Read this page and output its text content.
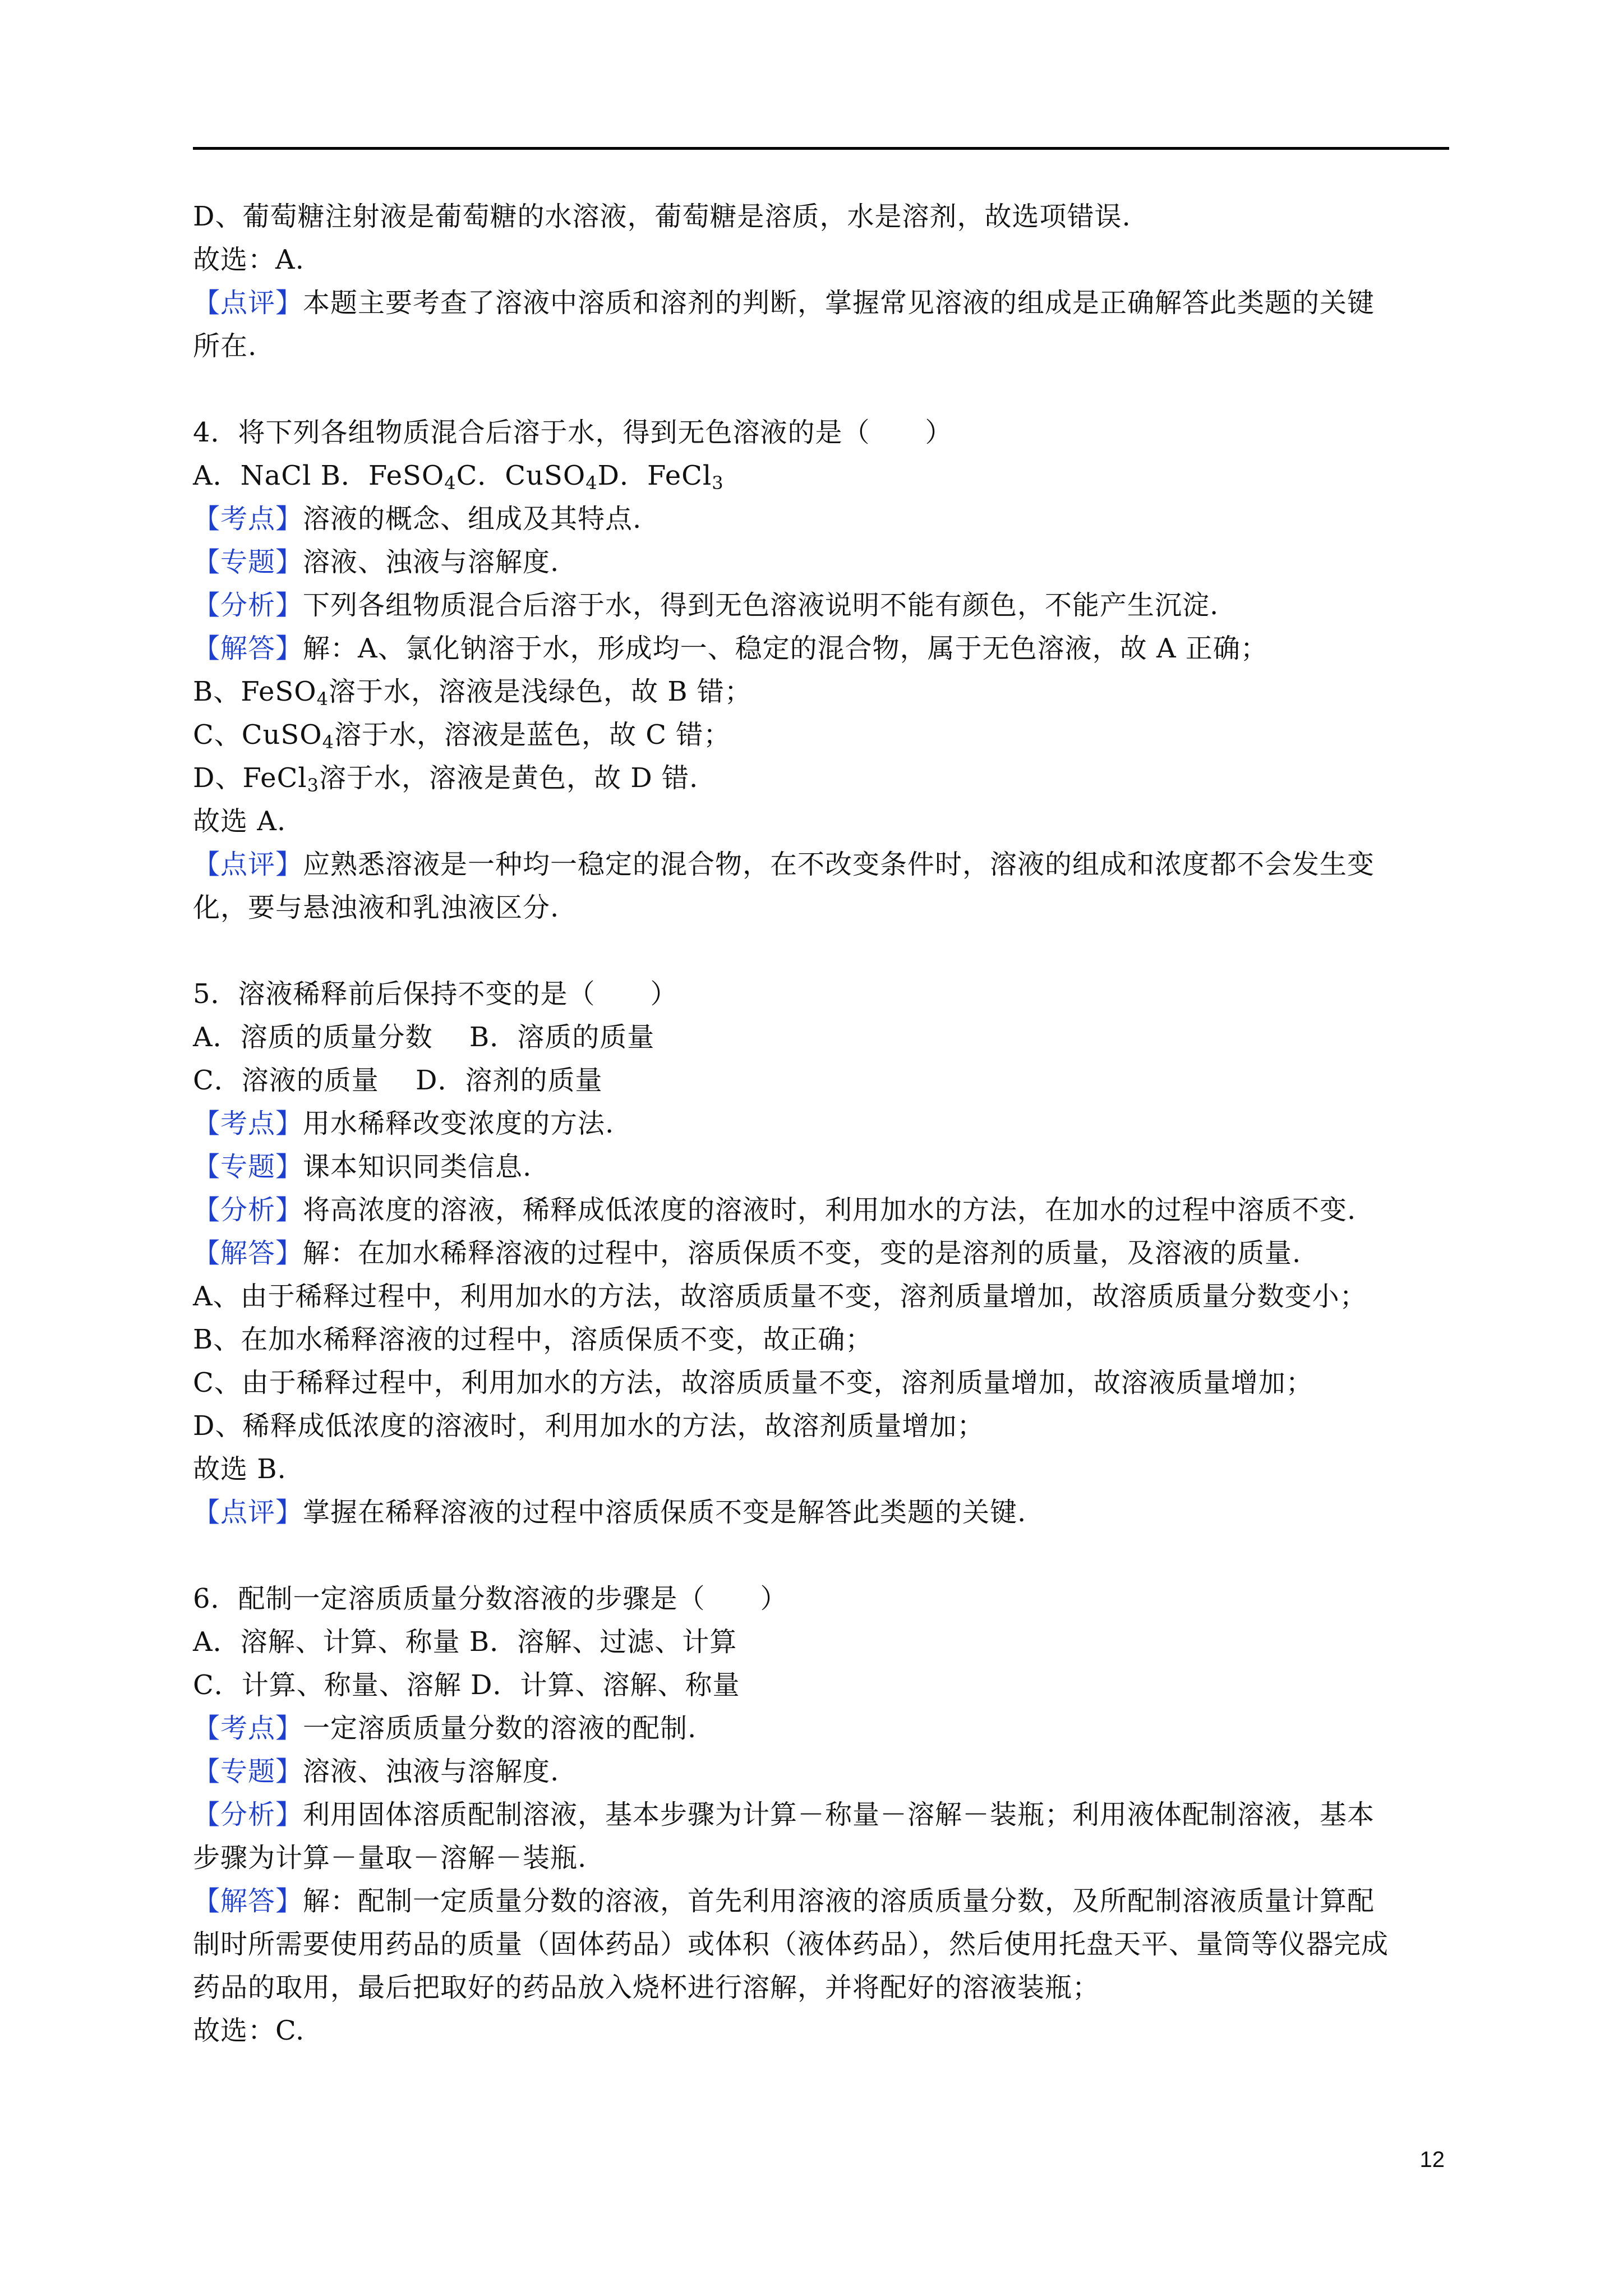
D、葡萄糖注射液是葡萄糖的水溶液，葡萄糖是溶质，水是溶剂，故选项错误.
故选：A.
【点评】本题主要考查了溶液中溶质和溶剂的判断，掌握常见溶液的组成是正确解答此类题的关键
所在.
4．将下列各组物质混合后溶于水，得到无色溶液的是（　　）
A．NaCl B．FeSO$_4$C．CuSO$_4$D．FeCl$_3$
【考点】溶液的概念、组成及其特点.
【专题】溶液、浊液与溶解度.
【分析】下列各组物质混合后溶于水，得到无色溶液说明不能有颜色，不能产生沉淀.
【解答】解：A、氯化钠溶于水，形成均一、稳定的混合物，属于无色溶液，故 A 正确；
B、FeSO$_4$溶于水，溶液是浅绿色，故 B 错；
C、CuSO$_4$溶于水，溶液是蓝色，故 C 错；
D、FeCl$_3$溶于水，溶液是黄色，故 D 错.
故选 A.
【点评】应熟悉溶液是一种均一稳定的混合物，在不改变条件时，溶液的组成和浓度都不会发生变
化，要与悬浊液和乳浊液区分.
5．溶液稀释前后保持不变的是（　　）
A．溶质的质量分数　 B．溶质的质量
C．溶液的质量　 D．溶剂的质量
【考点】用水稀释改变浓度的方法.
【专题】课本知识同类信息.
【分析】将高浓度的溶液，稀释成低浓度的溶液时，利用加水的方法，在加水的过程中溶质不变.
【解答】解：在加水稀释溶液的过程中，溶质保质不变，变的是溶剂的质量，及溶液的质量.
A、由于稀释过程中，利用加水的方法，故溶质质量不变，溶剂质量增加，故溶质质量分数变小；
B、在加水稀释溶液的过程中，溶质保质不变，故正确；
C、由于稀释过程中，利用加水的方法，故溶质质量不变，溶剂质量增加，故溶液质量增加；
D、稀释成低浓度的溶液时，利用加水的方法，故溶剂质量增加；
故选 B.
【点评】掌握在稀释溶液的过程中溶质保质不变是解答此类题的关键.
6．配制一定溶质质量分数溶液的步骤是（　　）
A．溶解、计算、称量 B．溶解、过滤、计算
C．计算、称量、溶解 D．计算、溶解、称量
【考点】一定溶质质量分数的溶液的配制.
【专题】溶液、浊液与溶解度.
【分析】利用固体溶质配制溶液，基本步骤为计算－称量－溶解－装瓶；利用液体配制溶液，基本
步骤为计算－量取－溶解－装瓶.
【解答】解：配制一定质量分数的溶液，首先利用溶液的溶质质量分数，及所配制溶液质量计算配
制时所需要使用药品的质量（固体药品）或体积（液体药品），然后使用托盘天平、量筒等仪器完成
药品的取用，最后把取好的药品放入烧杯进行溶解，并将配好的溶液装瓶；
故选：C.
12
